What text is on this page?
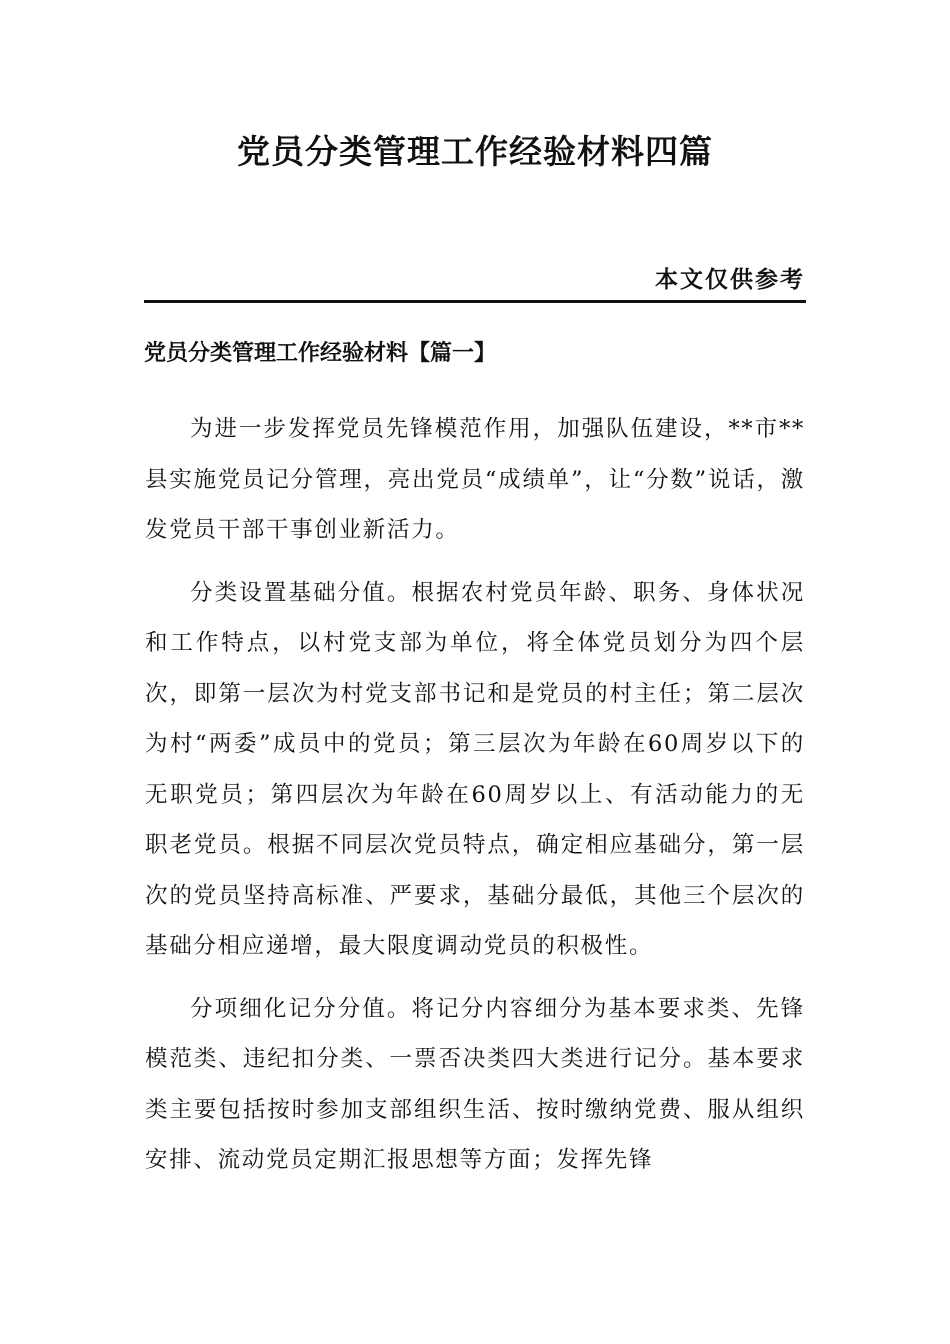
党员分类管理工作经验材料四篇
本文仅供参考
党员分类管理工作经验材料【篇一】

为进一步发挥党员先锋模范作用，加强队伍建设，**市**县实施党员记分管理，亮出党员“成绩单”，让“分数”说话，激发党员干部干事创业新活力。

分类设置基础分值。根据农村党员年龄、职务、身体状况和工作特点，以村党支部为单位，将全体党员划分为四个层次，即第一层次为村党支部书记和是党员的村主任；第二层次为村“两委”成员中的党员；第三层次为年龄在60周岁以下的无职党员；第四层次为年龄在60周岁以上、有活动能力的无职老党员。根据不同层次党员特点，确定相应基础分，第一层次的党员坚持高标准、严要求，基础分最低，其他三个层次的基础分相应递增，最大限度调动党员的积极性。

分项细化记分分值。将记分内容细分为基本要求类、先锋模范类、违纪扣分类、一票否决类四大类进行记分。基本要求类主要包括按时参加支部组织生活、按时缴纳党费、服从组织安排、流动党员定期汇报思想等方面；发挥先锋
